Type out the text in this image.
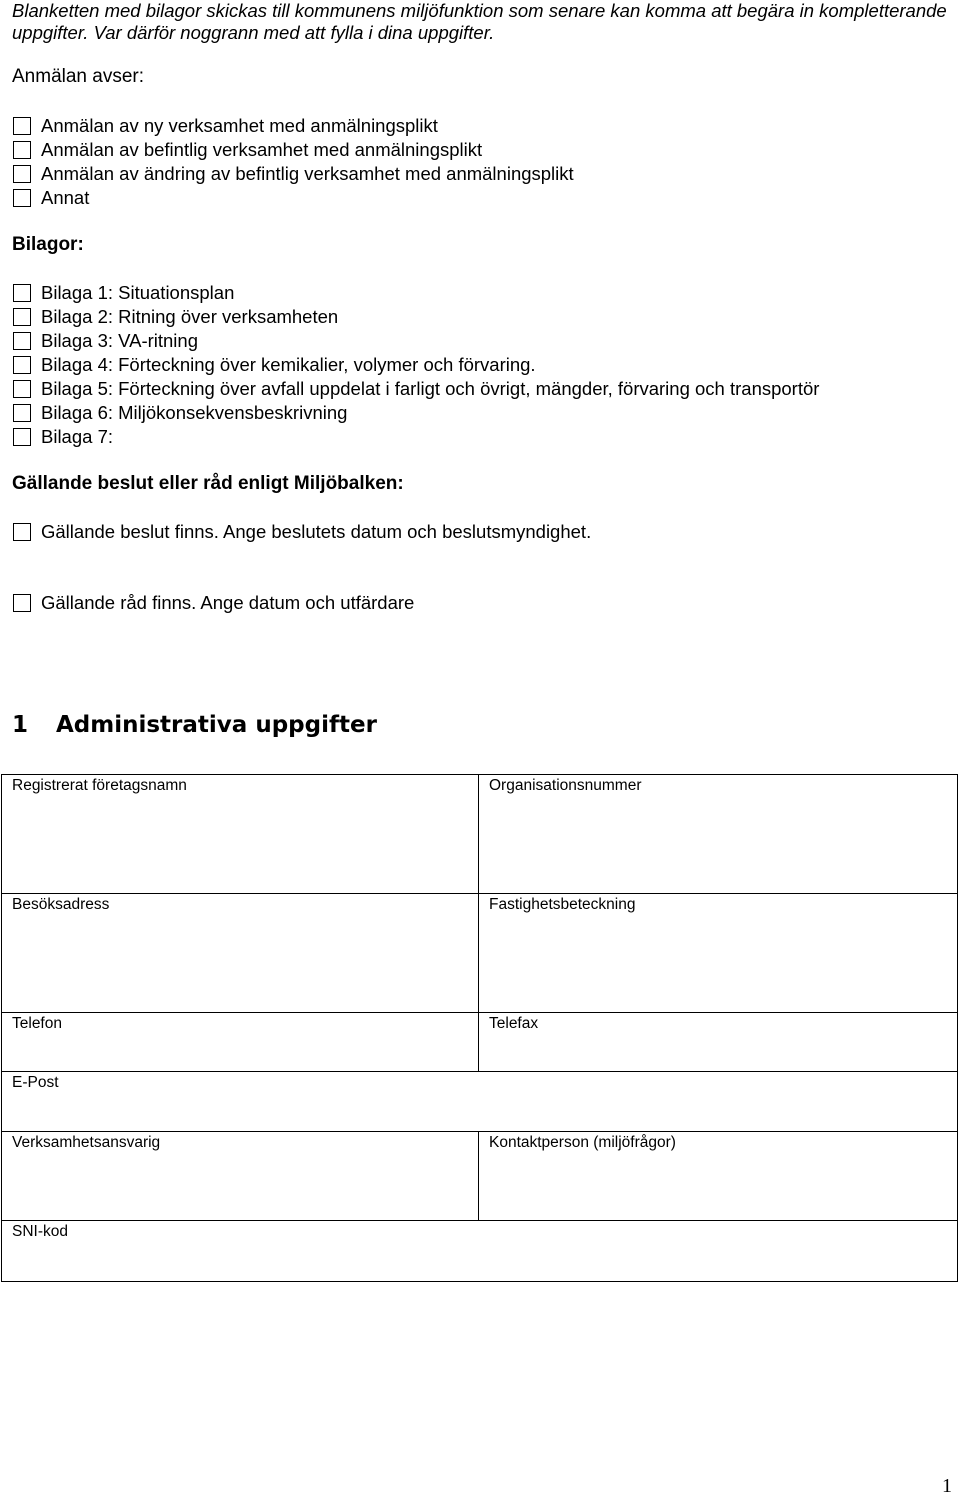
Blanketten med bilagor skickas till kommunens miljöfunktion som senare kan komma att begära in kompletterande uppgifter. Var därför noggrann med att fylla i dina uppgifter.
Anmälan avser:
Anmälan av ny verksamhet med anmälningsplikt
Anmälan av befintlig verksamhet med anmälningsplikt
Anmälan av ändring av befintlig verksamhet med anmälningsplikt
Annat
Bilagor:
Bilaga 1: Situationsplan
Bilaga 2: Ritning över verksamheten
Bilaga 3: VA-ritning
Bilaga 4: Förteckning över kemikalier, volymer och förvaring.
Bilaga 5: Förteckning över avfall uppdelat i farligt och övrigt, mängder, förvaring och transportör
Bilaga 6: Miljökonsekvensbeskrivning
Bilaga 7:
Gällande beslut eller råd enligt Miljöbalken:
Gällande beslut finns. Ange beslutets datum och beslutsmyndighet.
Gällande råd finns. Ange datum och utfärdare
1 Administrativa uppgifter
Registrerat företagsnamn	Organisationsnummer

Besöksadress	Fastighetsbeteckning

Telefon	Telefax

E-Post	

Verksamhetsansvarig	Kontaktperson (miljöfrågor)

SNI-kod	
1
